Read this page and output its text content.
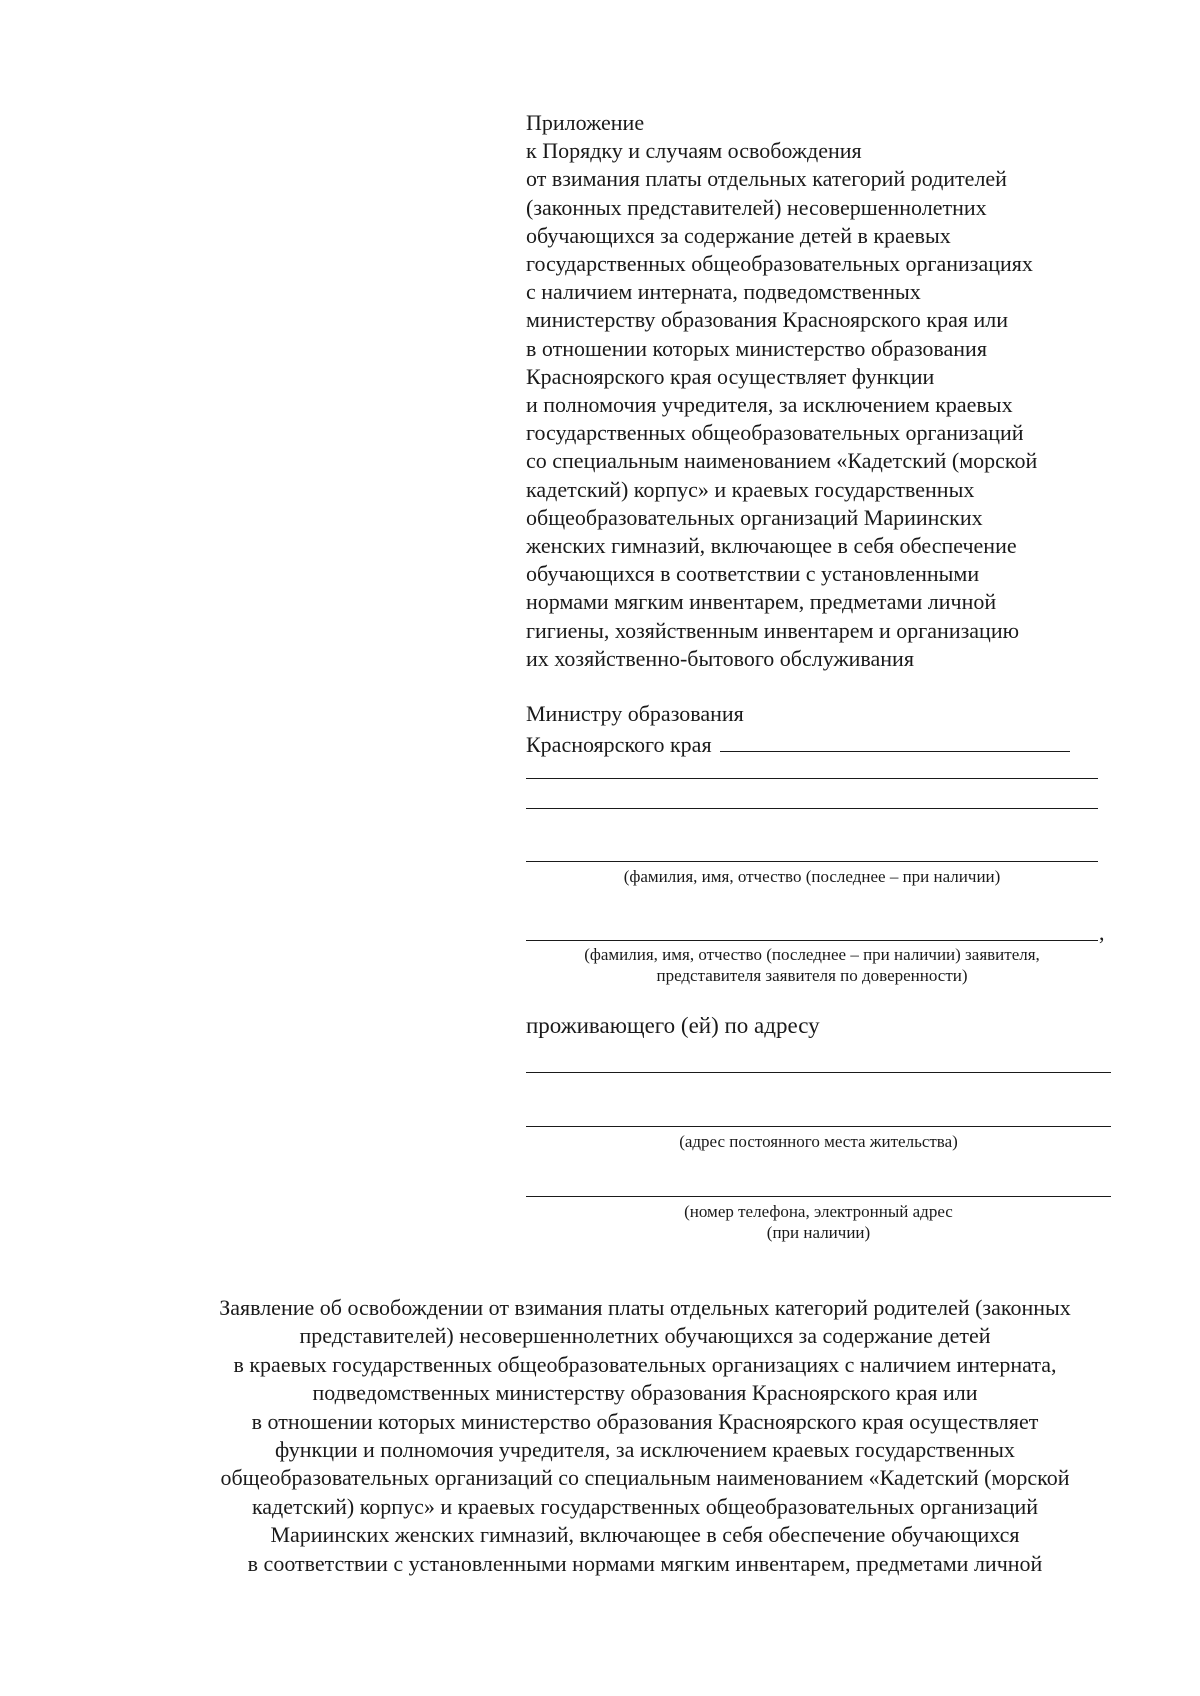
Приложение
к Порядку и случаям освобождения
от взимания платы отдельных категорий родителей
(законных представителей) несовершеннолетних
обучающихся за содержание детей в краевых
государственных общеобразовательных организациях
с наличием интерната, подведомственных
министерству образования Красноярского края или
в отношении которых министерство образования
Красноярского края осуществляет функции
и полномочия учредителя, за исключением краевых
государственных общеобразовательных организаций
со специальным наименованием «Кадетский (морской
кадетский) корпус» и краевых государственных
общеобразовательных организаций Мариинских
женских гимназий, включающее в себя обеспечение
обучающихся в соответствии с установленными
нормами мягким инвентарем, предметами личной
гигиены, хозяйственным инвентарем и организацию
их хозяйственно-бытового обслуживания
Министру образования
Красноярского края
(фамилия, имя, отчество (последнее – при наличии)
,
(фамилия, имя, отчество (последнее – при наличии) заявителя,
представителя заявителя по доверенности)
проживающего (ей) по адресу
(адрес постоянного места жительства)
(номер телефона, электронный адрес
(при наличии)
Заявление об освобождении от взимания платы отдельных категорий родителей (законных
представителей) несовершеннолетних обучающихся за содержание детей
в краевых государственных общеобразовательных организациях с наличием интерната,
подведомственных министерству образования Красноярского края или
в отношении которых министерство образования Красноярского края осуществляет
функции и полномочия учредителя, за исключением краевых государственных
общеобразовательных организаций со специальным наименованием «Кадетский (морской
кадетский) корпус» и краевых государственных общеобразовательных организаций
Мариинских женских гимназий, включающее в себя обеспечение обучающихся
в соответствии с установленными нормами мягким инвентарем, предметами личной
